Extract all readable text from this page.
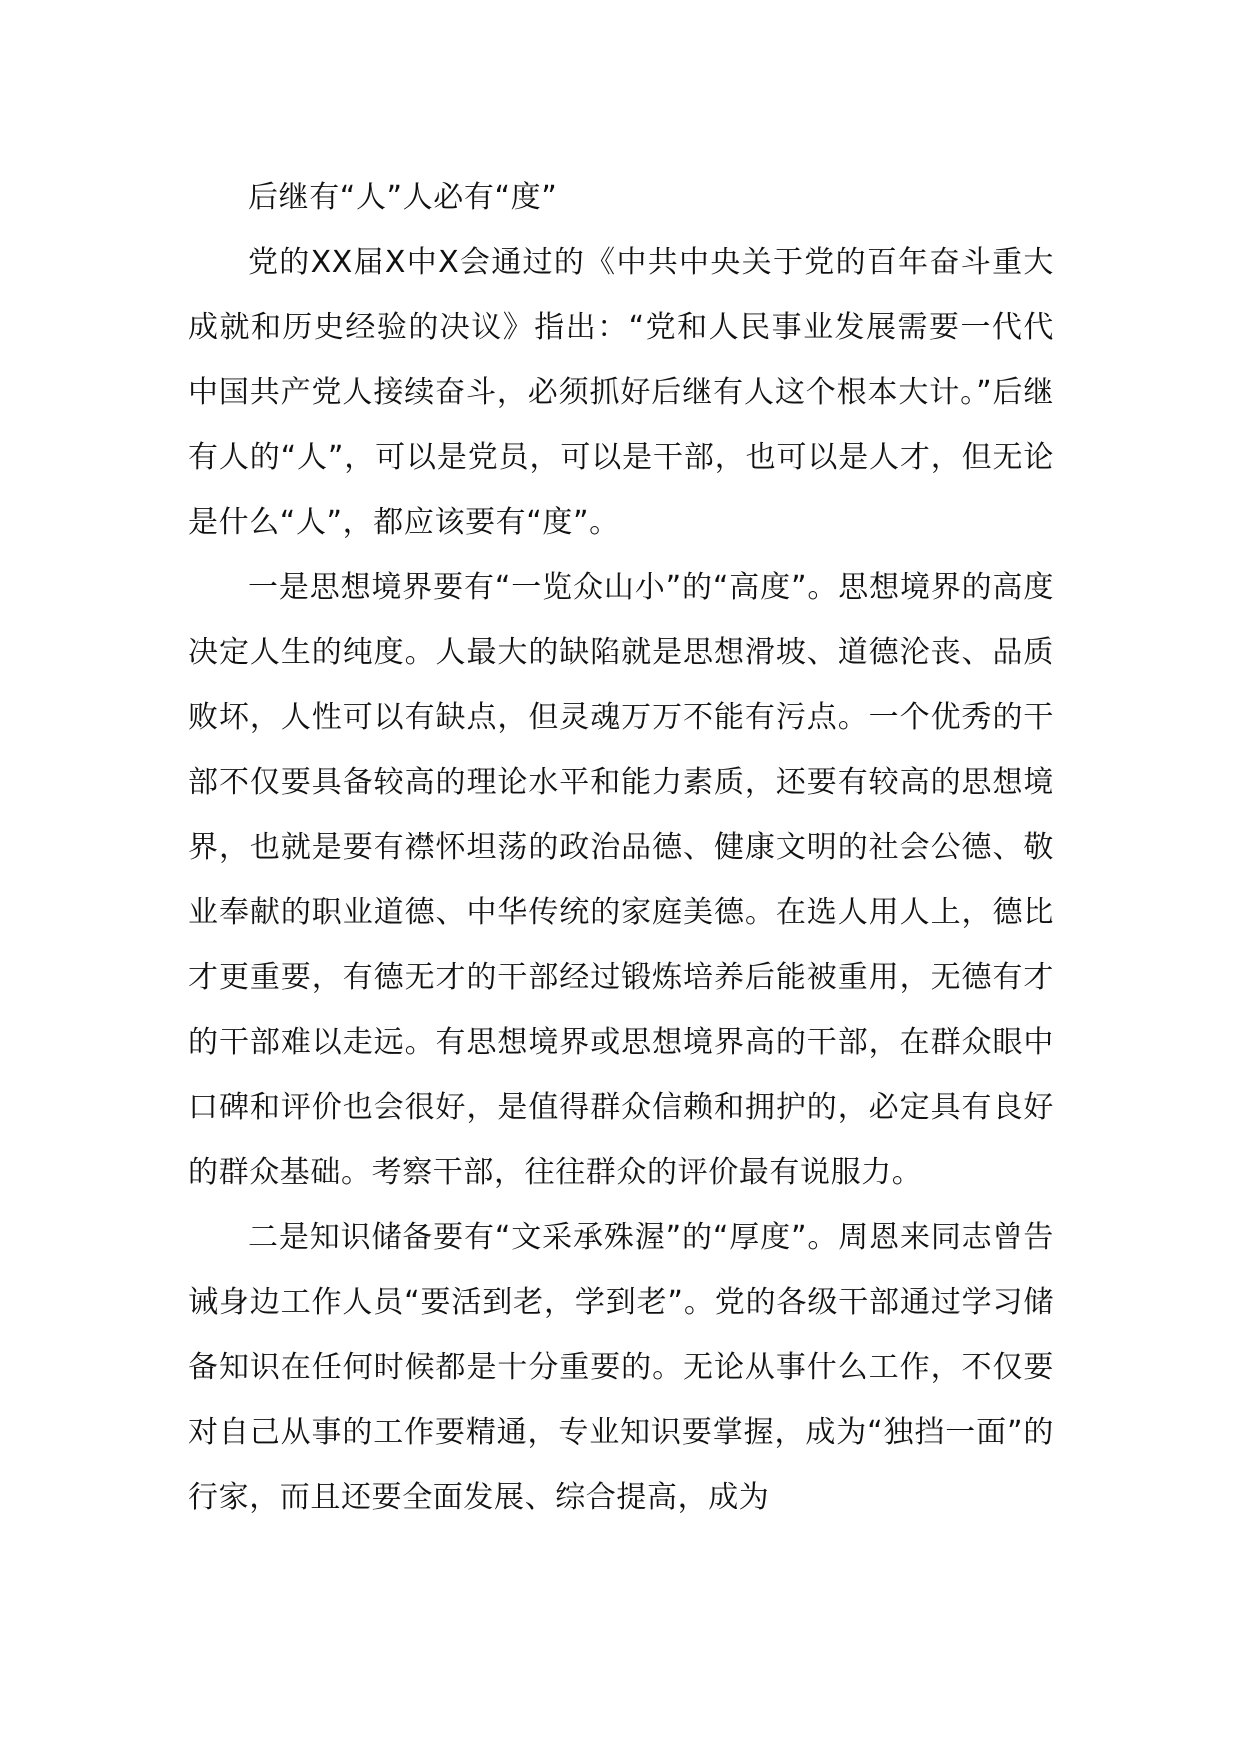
后继有“人”人必有“度”

党的XX届X中X会通过的《中共中央关于党的百年奋斗重大成就和历史经验的决议》指出：“党和人民事业发展需要一代代中国共产党人接续奋斗，必须抓好后继有人这个根本大计。”后继有人的“人”，可以是党员，可以是干部，也可以是人才，但无论是什么“人”，都应该要有“度”。

一是思想境界要有“一览众山小”的“高度”。思想境界的高度决定人生的纯度。人最大的缺陷就是思想滑坡、道德沦丧、品质败坏，人性可以有缺点，但灵魂万万不能有污点。一个优秀的干部不仅要具备较高的理论水平和能力素质，还要有较高的思想境界，也就是要有襟怀坦荡的政治品德、健康文明的社会公德、敬业奉献的职业道德、中华传统的家庭美德。在选人用人上，德比才更重要，有德无才的干部经过锻炼培养后能被重用，无德有才的干部难以走远。有思想境界或思想境界高的干部，在群众眼中口碑和评价也会很好，是值得群众信赖和拥护的，必定具有良好的群众基础。考察干部，往往群众的评价最有说服力。

二是知识储备要有“文采承殊渥”的“厚度”。周恩来同志曾告诫身边工作人员“要活到老，学到老”。党的各级干部通过学习储备知识在任何时候都是十分重要的。无论从事什么工作，不仅要对自己从事的工作要精通，专业知识要掌握，成为“独挡一面”的行家，而且还要全面发展、综合提高，成为
